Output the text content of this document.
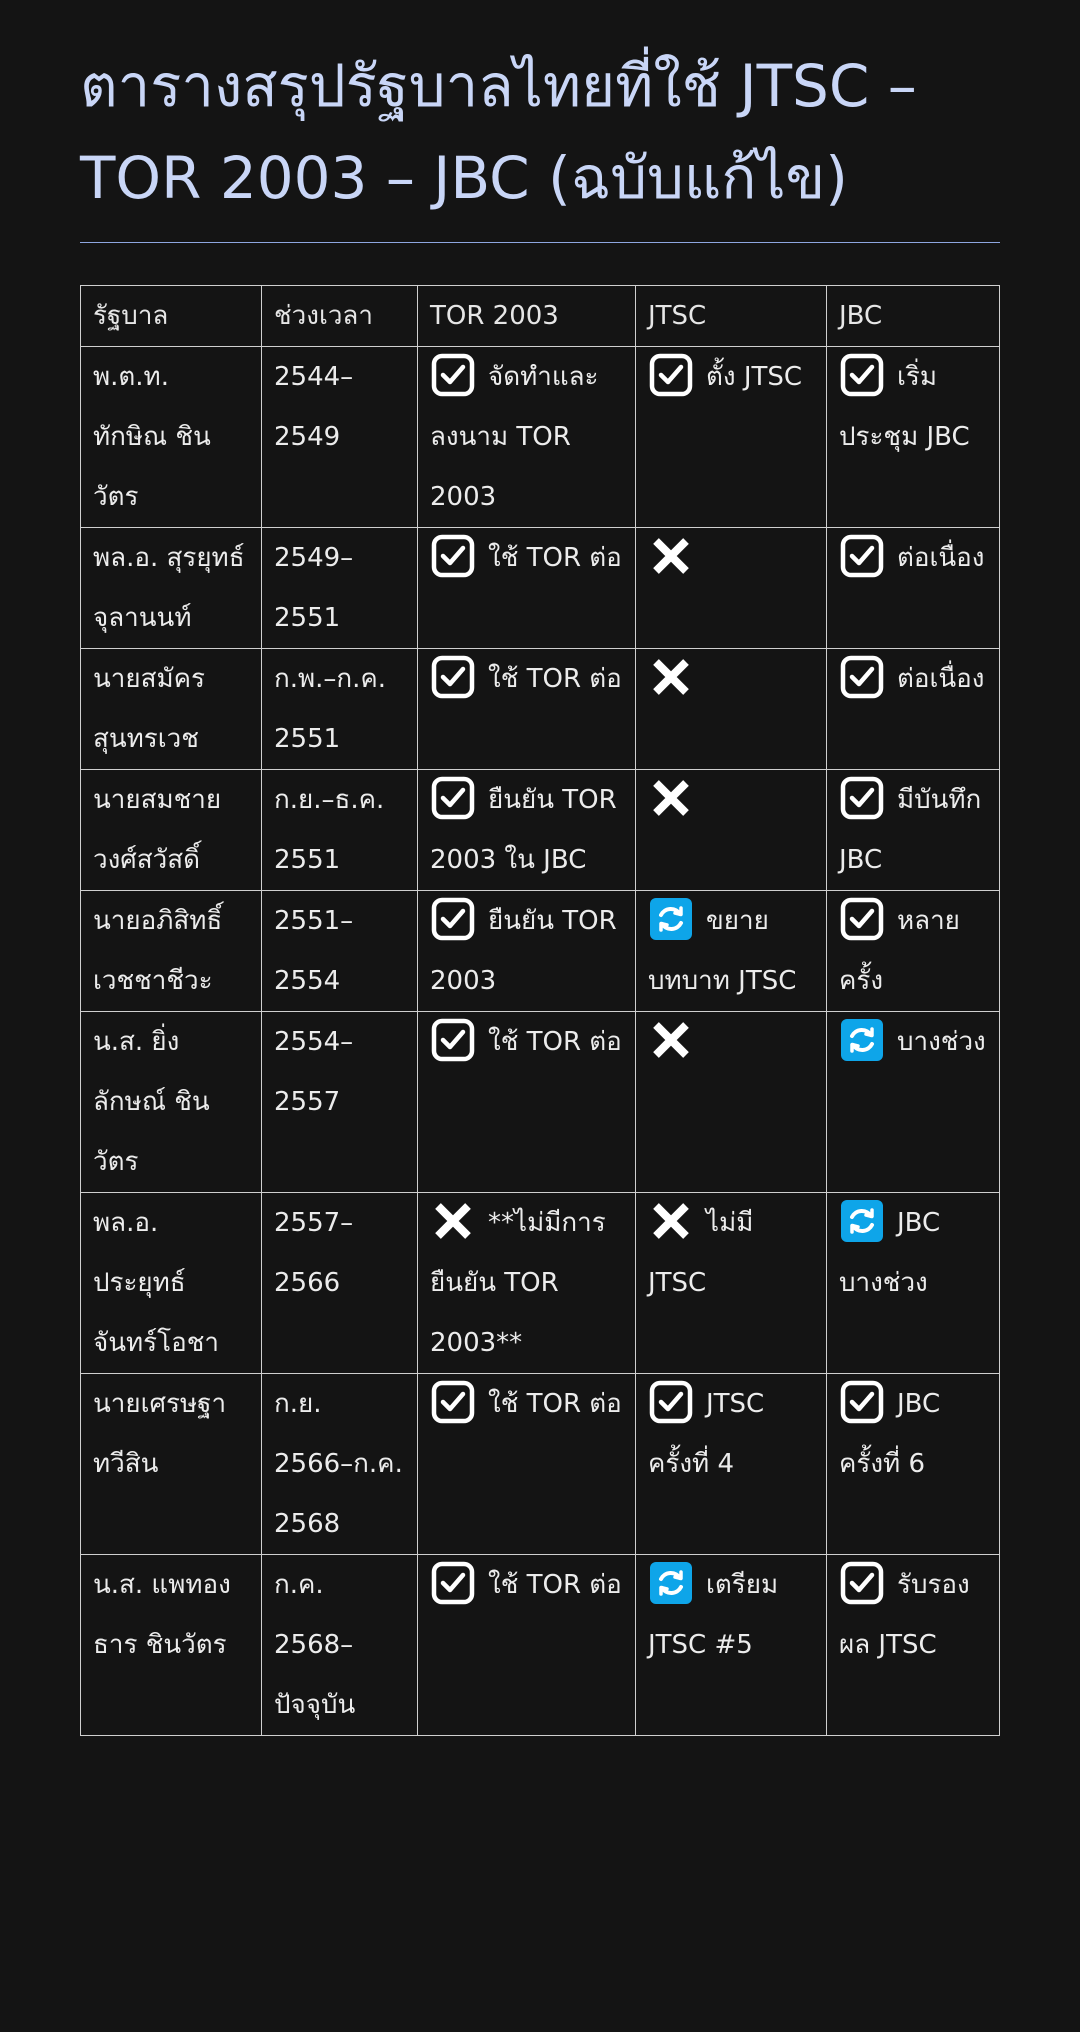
ตารางสรุปรัฐบาลไทยที่ใช้ JTSC – TOR 2003 – JBC (ฉบับแก้ไข)
รัฐบาล	ช่วงเวลา	TOR 2003	JTSC	JBC
พ.ต.ท. ทักษิณ ชินวัตร	2544–2549	จัดทำและลงนาม TOR 2003	ตั้ง JTSC	เริ่มประชุม JBC
พล.อ. สุรยุทธ์ จุลานนท์	2549–2551	ใช้ TOR ต่อ		ต่อเนื่อง
นายสมัคร สุนทรเวช	ก.พ.–ก.ค. 2551	ใช้ TOR ต่อ		ต่อเนื่อง
นายสมชาย วงศ์สวัสดิ์	ก.ย.–ธ.ค. 2551	ยืนยัน TOR 2003 ใน JBC		มีบันทึก JBC
นายอภิสิทธิ์ เวชชาชีวะ	2551–2554	ยืนยัน TOR 2003	ขยายบทบาท JTSC	หลายครั้ง
น.ส. ยิ่งลักษณ์ ชินวัตร	2554–2557	ใช้ TOR ต่อ		บางช่วง
พล.อ. ประยุทธ์ จันทร์โอชา	2557–2566	**ไม่มีการยืนยัน TOR 2003**	ไม่มี JTSC	JBC บางช่วง
นายเศรษฐา ทวีสิน	ก.ย. 2566–ก.ค. 2568	ใช้ TOR ต่อ	JTSC ครั้งที่ 4	JBC ครั้งที่ 6
น.ส. แพทองธาร ชินวัตร	ก.ค. 2568–ปัจจุบัน	ใช้ TOR ต่อ	เตรียม JTSC #5	รับรองผล JTSC
